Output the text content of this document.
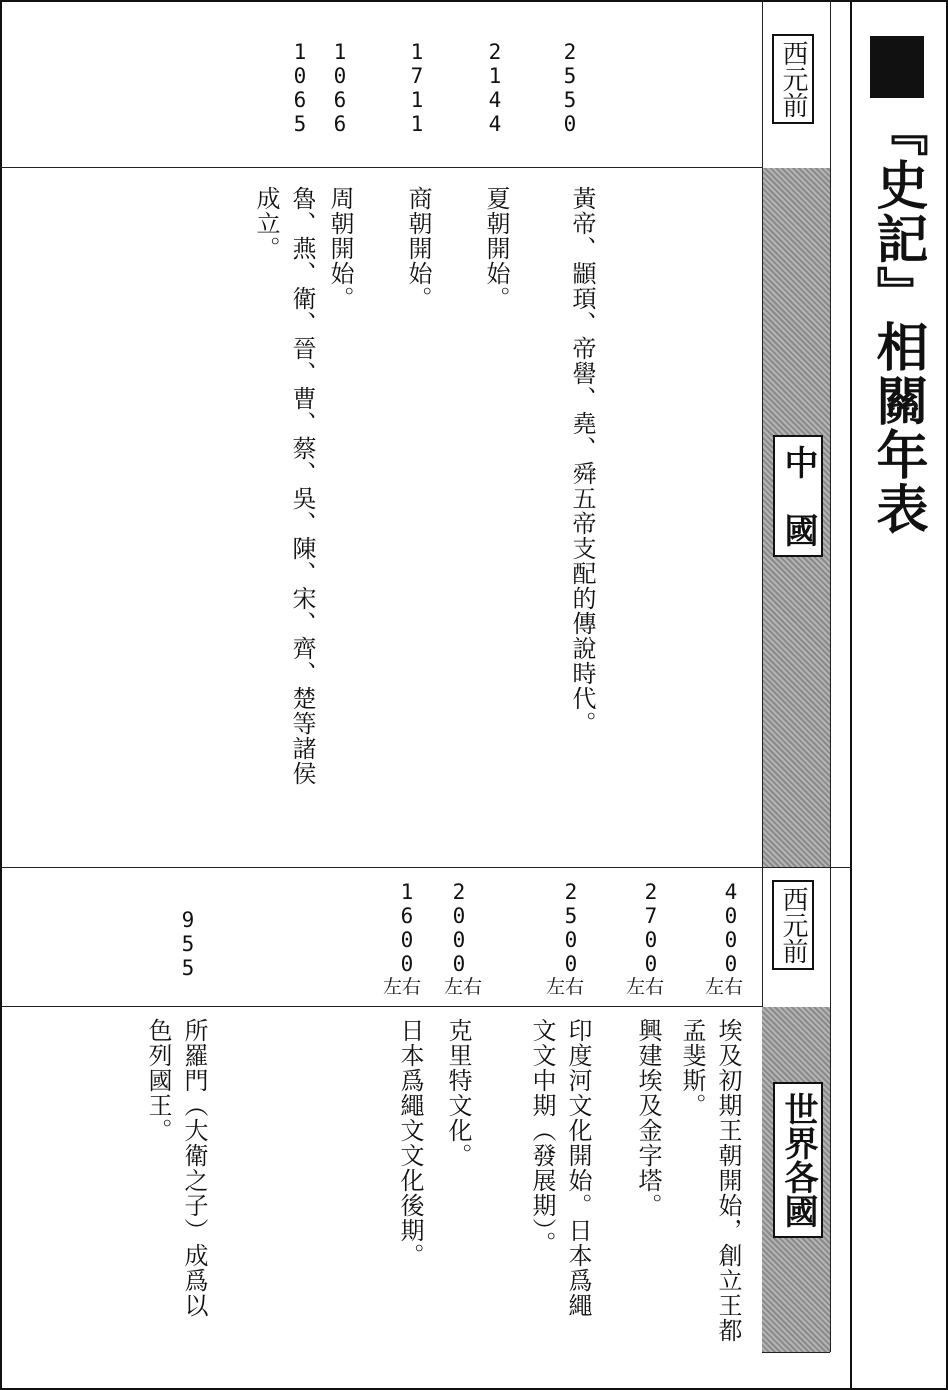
『史記』相關年表
西元前
中　國
2550
2144
1711
1066
1065
黃帝、顓頊、帝嚳、堯、舜五帝支配的傳說時代。
夏朝開始。
商朝開始。
周朝開始。
魯、燕、衛、晉、曹、蔡、吳、陳、宋、齊、楚等諸侯成立。
西元前
世界各國
4000
左右
2700
左右
2500
左右
2000
左右
1600
左右
955
埃及初期王朝開始，創立王都孟斐斯。
興建埃及金字塔。
印度河文化開始。日本爲繩文文中期（發展期）。
克里特文化。
日本爲繩文文化後期。
所羅門（大衛之子）成爲以色列國王。
